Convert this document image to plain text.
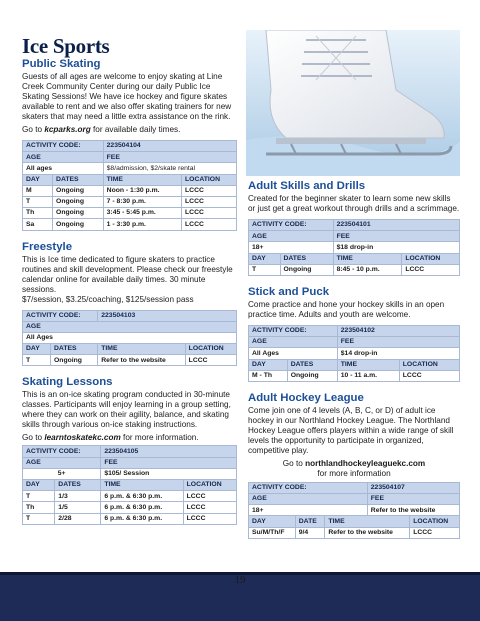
Ice Sports
Public Skating

Guests of all ages are welcome to enjoy skating at Line Creek Community Center during our daily Public Ice Skating Sessions! We have ice hockey and figure skates available to rent and we also offer skating trainers for new skaters that may need a little extra assistance on the rink.

Go to kcparks.org for available daily times.

ACTIVITY CODE:		223504104	
AGE		FEE	
All ages		$8/admission, $2/skate rental	
DAY	DATES	TIME	LOCATION
M	Ongoing	Noon - 1:30 p.m.	LCCC
T	Ongoing	7 - 8:30 p.m.	LCCC
Th	Ongoing	3:45 - 5:45 p.m.	LCCC
Sa	Ongoing	1 - 3:30 p.m.	LCCC
Freestyle

This is Ice time dedicated to figure skaters to practice routines and skill development. Please check our freestyle calendar online for available daily times. 30 minute sessions.

$7/session, $3.25/coaching, $125/session pass

ACTIVITY CODE:		223504103	
AGE			
All Ages			
DAY	DATES	TIME	LOCATION
T	Ongoing	Refer to the website	LCCC
Skating Lessons

This is an on-ice skating program conducted in 30-minute classes. Participants will enjoy learning in a group setting, where they can work on their agility, balance, and skating skills through various on-ice staking instructions.

Go to learntoskatekc.com for more information.

ACTIVITY CODE:		223504105	
AGE		FEE	
5+		$105/ Session	
DAY	DATES	TIME	LOCATION
T	1/3	6 p.m. & 6:30 p.m.	LCCC
Th	1/5	6 p.m. & 6:30 p.m.	LCCC
T	2/28	6 p.m. & 6:30 p.m.	LCCC
Adult Skills and Drills

Created for the beginner skater to learn some new skills or just get a great workout through drills and a scrimmage.

ACTIVITY CODE:		223504101	
AGE		FEE	
18+		$18 drop-in	
DAY	DATES	TIME	LOCATION
T	Ongoing	8:45 - 10 p.m.	LCCC
Stick and Puck

Come practice and hone your hockey skills in an open practice time. Adults and youth are welcome.

ACTIVITY CODE:		223504102	
AGE		FEE	
All Ages		$14 drop-in	
DAY	DATES	TIME	LOCATION
M - Th	Ongoing	10 - 11 a.m.	LCCC
Adult Hockey League

Come join one of 4 levels (A, B, C, or D) of adult ice hockey in our Northland Hockey League. The Northland Hockey League offers players within a wide range of skill levels the opportunity to participate in organized, competitive play.

Go to northlandhockeyleaguekc.com
for more information

ACTIVITY CODE:			223504107	
AGE			FEE	
18+			Refer to the website	
DAY	DATE	TIME		LOCATION
Su/M/Th/F	9/4	Refer to the website		LCCC
19
